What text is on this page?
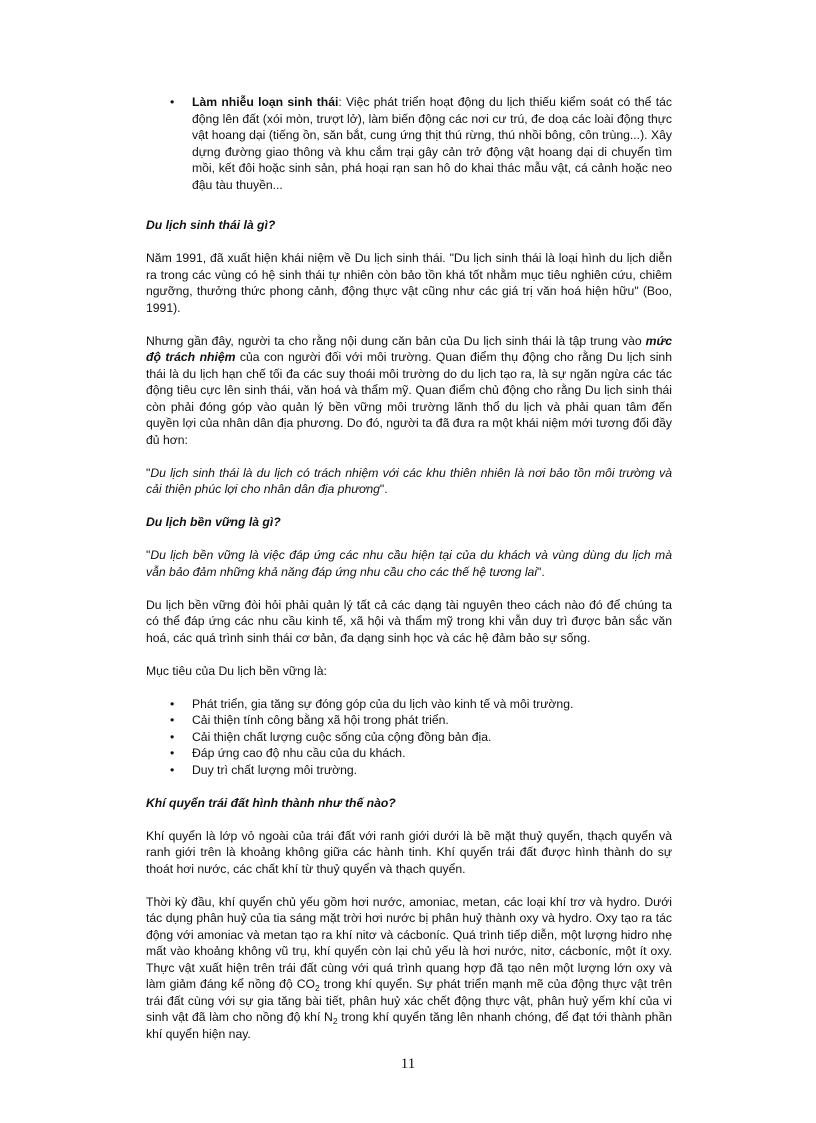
• Làm nhiễu loạn sinh thái: Việc phát triển hoạt động du lịch thiếu kiểm soát có thể tác động lên đất (xói mòn, trượt lở), làm biến động các nơi cư trú, đe doạ các loài động thực vật hoang dại (tiếng ồn, săn bắt, cung ứng thịt thú rừng, thú nhồi bông, côn trùng...). Xây dựng đường giao thông và khu cắm trại gây cản trở động vật hoang dại di chuyển tìm mồi, kết đôi hoặc sinh sản, phá hoại rạn san hô do khai thác mẫu vật, cá cảnh hoặc neo đậu tàu thuyền...

Du lịch sinh thái là gì?

Năm 1991, đã xuất hiện khái niệm về Du lịch sinh thái. "Du lịch sinh thái là loại hình du lịch diễn ra trong các vùng có hệ sinh thái tự nhiên còn bảo tồn khá tốt nhằm mục tiêu nghiên cứu, chiêm ngưỡng, thưởng thức phong cảnh, động thực vật cũng như các giá trị văn hoá hiện hữu" (Boo, 1991).

Nhưng gần đây, người ta cho rằng nội dung căn bản của Du lịch sinh thái là tập trung vào mức độ trách nhiệm của con người đối với môi trường. Quan điểm thụ động cho rằng Du lịch sinh thái là du lịch hạn chế tối đa các suy thoái môi trường do du lịch tạo ra, là sự ngăn ngừa các tác động tiêu cực lên sinh thái, văn hoá và thẩm mỹ. Quan điểm chủ động cho rằng Du lịch sinh thái còn phải đóng góp vào quản lý bền vững môi trường lãnh thổ du lịch và phải quan tâm đến quyền lợi của nhân dân địa phương. Do đó, người ta đã đưa ra một khái niệm mới tương đối đầy đủ hơn:

"Du lịch sinh thái là du lịch có trách nhiệm với các khu thiên nhiên là nơi bảo tồn môi trường và cải thiện phúc lợi cho nhân dân địa phương".

Du lịch bền vững là gì?

"Du lịch bền vững là việc đáp ứng các nhu cầu hiện tại của du khách và vùng dùng du lịch mà vẫn bảo đảm những khả năng đáp ứng nhu cầu cho các thế hệ tương lai".

Du lịch bền vững đòi hỏi phải quản lý tất cả các dạng tài nguyên theo cách nào đó để chúng ta có thể đáp ứng các nhu cầu kinh tế, xã hội và thẩm mỹ trong khi vẫn duy trì được bản sắc văn hoá, các quá trình sinh thái cơ bản, đa dạng sinh học và các hệ đảm bảo sự sống.

Mục tiêu của Du lịch bền vững là:

• Phát triển, gia tăng sự đóng góp của du lịch vào kinh tế và môi trường.
• Cải thiện tính công bằng xã hội trong phát triển.
• Cải thiện chất lượng cuộc sống của cộng đồng bản địa.
• Đáp ứng cao độ nhu cầu của du khách.
• Duy trì chất lượng môi trường.

Khí quyển trái đất hình thành như thế nào?

Khí quyển là lớp vỏ ngoài của trái đất với ranh giới dưới là bề mặt thuỷ quyển, thạch quyển và ranh giới trên là khoảng không giữa các hành tinh. Khí quyển trái đất được hình thành do sự thoát hơi nước, các chất khí từ thuỷ quyển và thạch quyển.

Thời kỳ đầu, khí quyển chủ yếu gồm hơi nước, amoniac, metan, các loại khí trơ và hydro. Dưới tác dụng phân huỷ của tia sáng mặt trời hơi nước bị phân huỷ thành oxy và hydro. Oxy tạo ra tác động với amoniac và metan tạo ra khí nitơ và cácboníc. Quá trình tiếp diễn, một lượng hidro nhẹ mất vào khoảng không vũ trụ, khí quyển còn lại chủ yếu là hơi nước, nitơ, cácboníc, một ít oxy. Thực vật xuất hiện trên trái đất cùng với quá trình quang hợp đã tạo nên một lượng lớn oxy và làm giảm đáng kể nồng độ $CO_2$ trong khí quyển. Sự phát triển mạnh mẽ của động thực vật trên trái đất cùng với sự gia tăng bài tiết, phân huỷ xác chết động thực vật, phân huỷ yếm khí của vi sinh vật đã làm cho nồng độ khí $N_2$ trong khí quyển tăng lên nhanh chóng, để đạt tới thành phần khí quyển hiện nay.

11
